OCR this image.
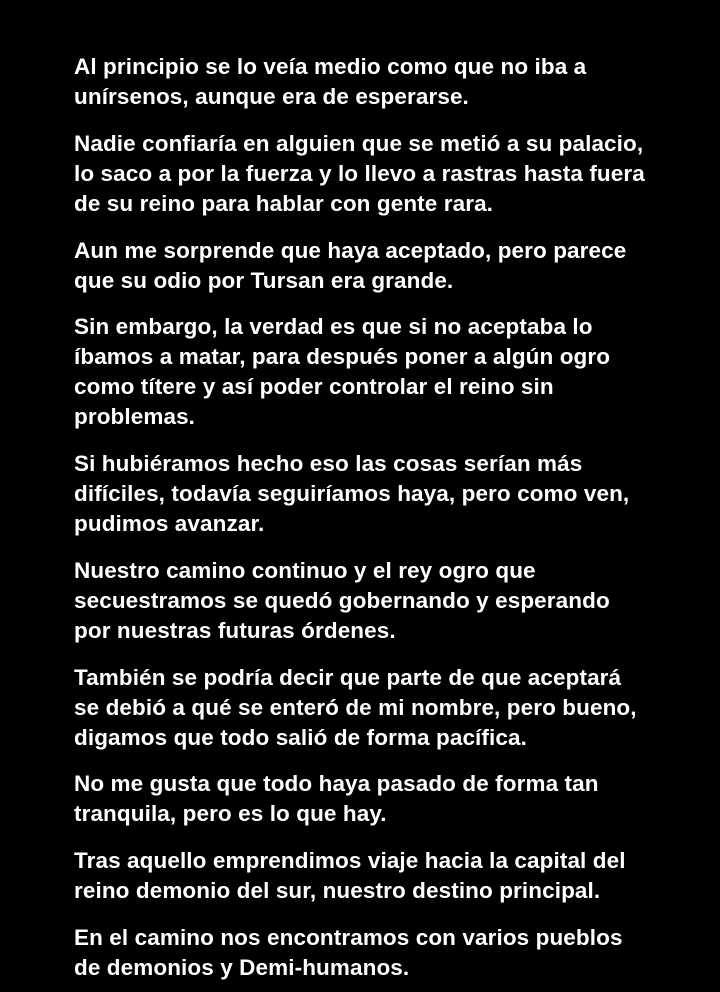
Al principio se lo veía medio como que no iba a unírsenos, aunque era de esperarse.

Nadie confiaría en alguien que se metió a su palacio, lo saco a por la fuerza y lo llevo a rastras hasta fuera de su reino para hablar con gente rara.

Aun me sorprende que haya aceptado, pero parece que su odio por Tursan era grande.

Sin embargo, la verdad es que si no aceptaba lo íbamos a matar, para después poner a algún ogro como títere y así poder controlar el reino sin problemas.

Si hubiéramos hecho eso las cosas serían más difíciles, todavía seguiríamos haya, pero como ven, pudimos avanzar.

Nuestro camino continuo y el rey ogro que secuestramos se quedó gobernando y esperando por nuestras futuras órdenes.

También se podría decir que parte de que aceptará se debió a qué se enteró de mi nombre, pero bueno, digamos que todo salió de forma pacífica.

No me gusta que todo haya pasado de forma tan tranquila, pero es lo que hay.

Tras aquello emprendimos viaje hacia la capital del reino demonio del sur, nuestro destino principal.

En el camino nos encontramos con varios pueblos de demonios y Demi-humanos.
